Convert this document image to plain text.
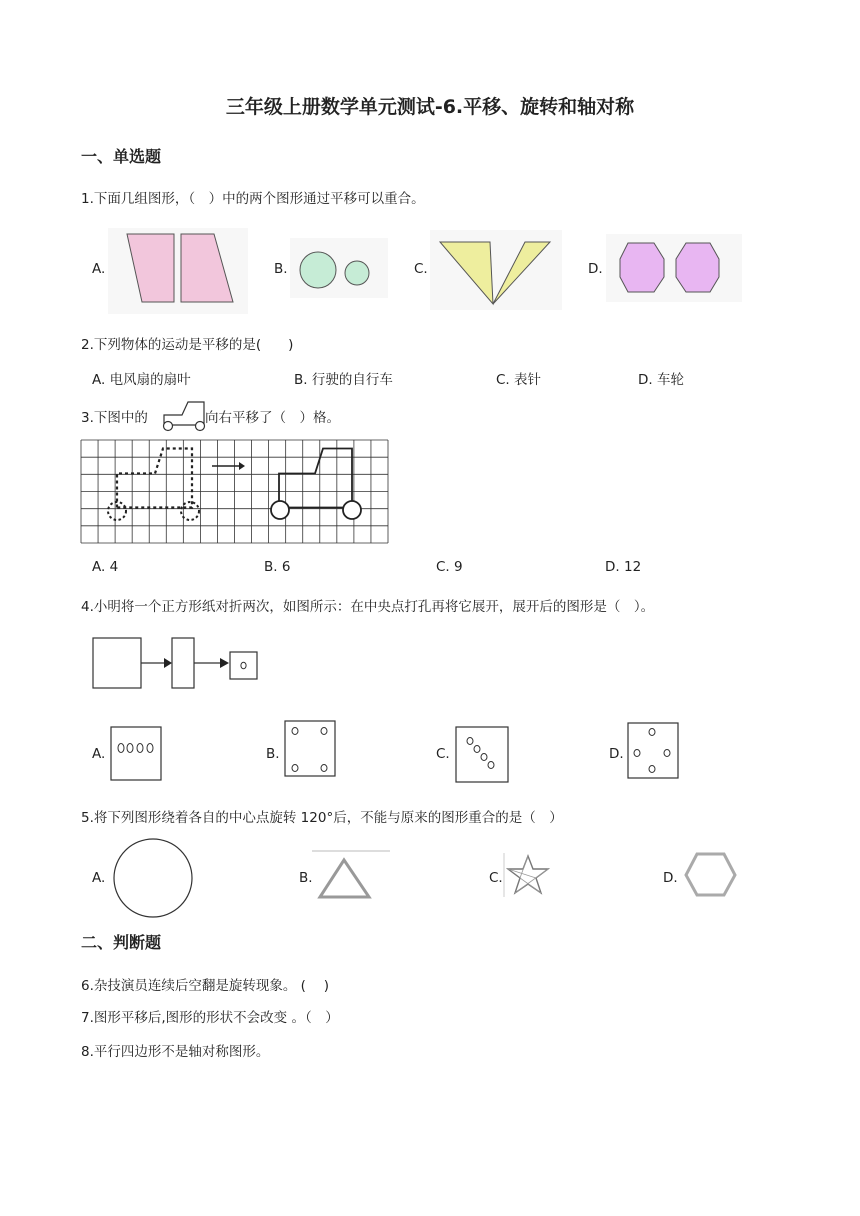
三年级上册数学单元测试-6.平移、旋转和轴对称
一、单选题
1.下面几组图形，（　）中的两个图形通过平移可以重合。
A.	B.	C.	D.
2.下列物体的运动是平移的是(　　)
A. 电风扇的扇叶	B. 行驶的自行车	C. 表针	D. 车轮
3.下图中的	向右平移了（　）格。
A. 4	B. 6	C. 9	D. 12
4.小明将一个正方形纸对折两次，如图所示：在中央点打孔再将它展开，展开后的图形是（　）。
A.	B.	C.	D.
5.将下列图形绕着各自的中心点旋转 120°后，不能与原来的图形重合的是（　）
A.	B.	C.	D.
二、判断题
6.杂技演员连续后空翻是旋转现象。 (　 )
7.图形平移后,图形的形状不会改变 。（　）
8.平行四边形不是轴对称图形。
